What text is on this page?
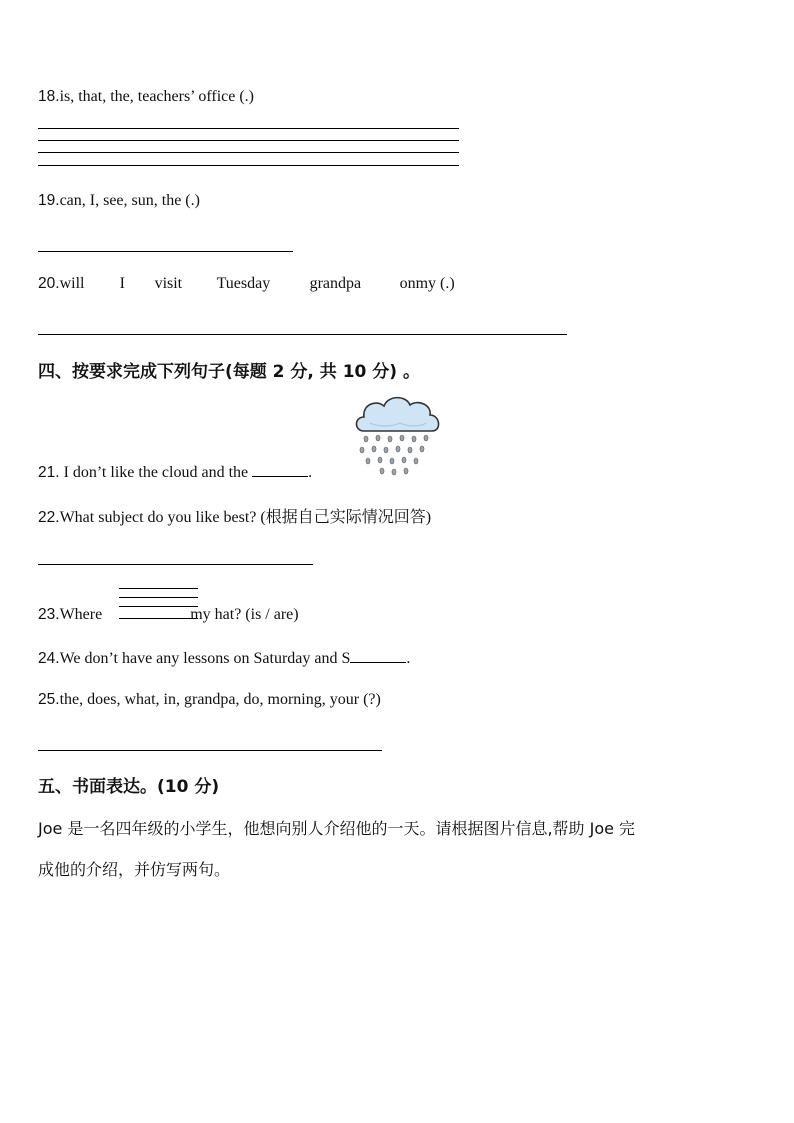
18.is, that, the, teachers’ office (.)
19.can, I, see, sun, the (.)
20.will I visit Tuesday grandpa onmy (.)
四、按要求完成下列句子(每题 2 分, 共 10 分) 。
21. I don’t like the cloud and the	.
22.What subject do you like best? (根据自己实际情况回答)
23.Where	my hat? (is / are)
24.We don’t have any lessons on Saturday and S	.
25.the, does, what, in, grandpa, do, morning, your (?)
五、书面表达。(10 分)
Joe 是一名四年级的小学生，他想向别人介绍他的一天。请根据图片信息,帮助 Joe 完
成他的介绍，并仿写两句。
